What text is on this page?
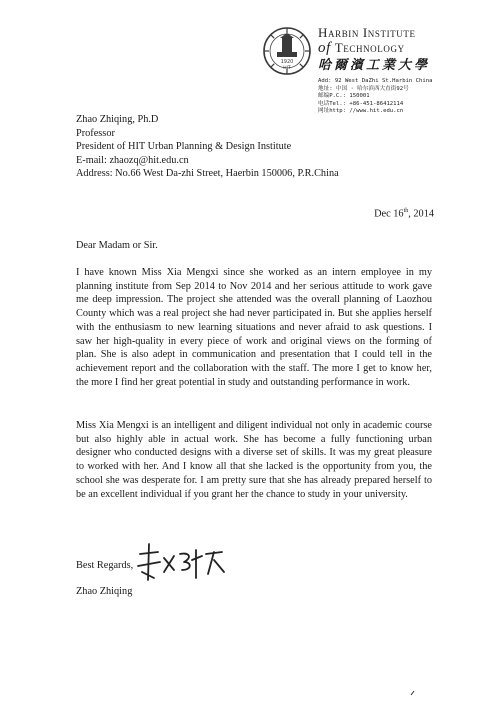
1920
HIT
Harbin Institute
of Technology
哈爾濱工業大學
Add: 92 West DaZhi St.Harbin China
地址: 中国 · 哈尔滨西大直街92号
邮编P.C.: 150001
电话Tel.: +86-451-86412114
网址http: //www.hit.edu.cn
Zhao Zhiqing, Ph.D
Professor
President of HIT Urban Planning & Design Institute
E-mail: zhaozq@hit.edu.cn
Address: No.66 West Da-zhi Street, Haerbin 150006, P.R.China
Dec 16th, 2014
Dear Madam or Sir.
I have known Miss Xia Mengxi since she worked as an intern employee in my planning institute from Sep 2014 to Nov 2014 and her serious attitude to work gave me deep impression. The project she attended was the overall planning of Laozhou County which was a real project she had never participated in. But she applies herself with the enthusiasm to new learning situations and never afraid to ask questions. I saw her high-quality in every piece of work and original views on the forming of plan. She is also adept in communication and presentation that I could tell in the achievement report and the collaboration with the staff. The more I get to know her, the more I find her great potential in study and outstanding performance in work.
Miss Xia Mengxi is an intelligent and diligent individual not only in academic course but also highly able in actual work. She has become a fully functioning urban designer who conducted designs with a diverse set of skills. It was my great pleasure to worked with her. And I know all that she lacked is the opportunity from you, the school she was desperate for. I am pretty sure that she has already prepared herself to be an excellent individual if you grant her the chance to study in your university.
Best Regards,
Zhao Zhiqing
